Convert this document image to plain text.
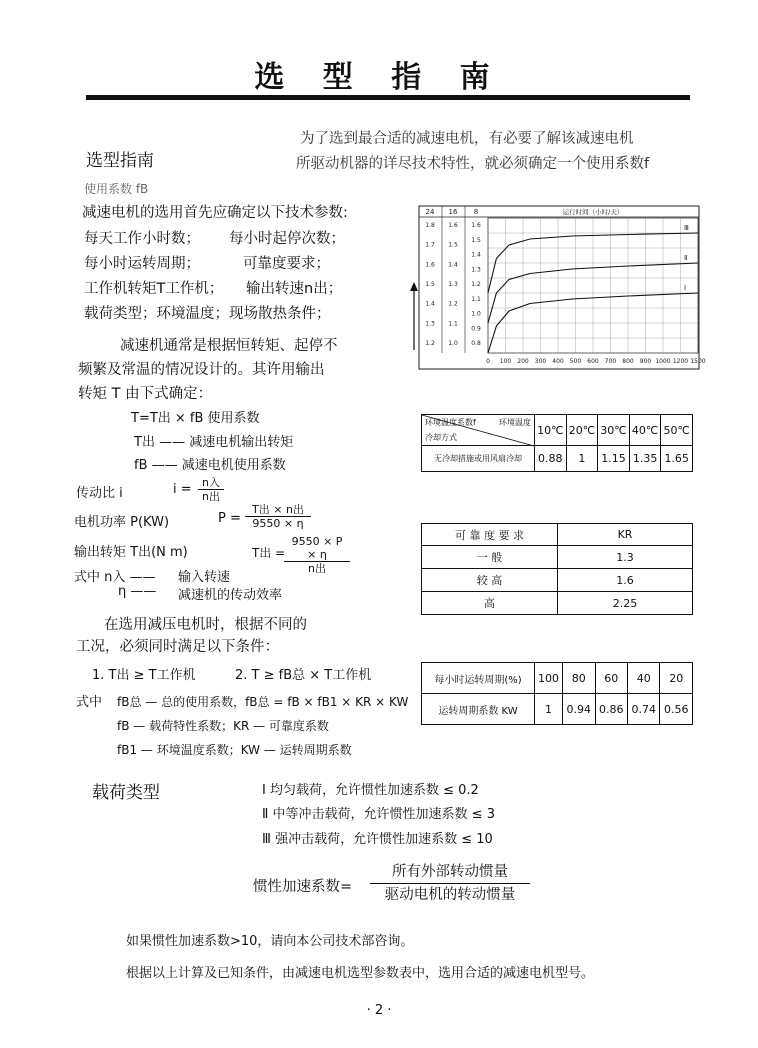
选 型 指 南
为了选到最合适的减速电机，有必要了解该减速电机
所驱动机器的详尽技术特性，就必须确定一个使用系数f
选型指南
使用系数 fB
减速电机的选用首先应确定以下技术参数:
每天工作小时数； 每小时起停次数；
每小时运转周期；	可靠度要求；
工作机转矩T工作机； 输出转速n出；
载荷类型；环境温度；现场散热条件；
减速机通常是根据恒转矩、起停不
频繁及常温的情况设计的。其许用输出
转矩 T 由下式确定：
T=T出 × fB 使用系数
T出 —— 减速电机输出转矩
fB —— 减速电机使用系数
传动比 i	i = n入
n出
电机功率 P(KW)	P =
T出 × n出
9550 × η
输出转矩 T出(N m)	T出 =
9550 × P × η
n出
式中 n入 —— 输入转速
η —— 减速机的传动效率
在选用减压电机时，根据不同的
工况，必须同时满足以下条件：
1. T出 ≥ T工作机	2. T ≥ fB总 × T工作机
式中 fB总 — 总的使用系数，fB总 = fB × fB1 × KR × KW
fB — 载荷特性系数；KR — 可靠度系数
fB1 — 环境温度系数；KW — 运转周期系数
载荷类型	Ⅰ 均匀载荷，允许惯性加速系数 ≤ 0.2
Ⅱ 中等冲击载荷，允许惯性加速系数 ≤ 3
Ⅲ 强冲击载荷，允许惯性加速系数 ≤ 10
惯性加速系数=
所有外部转动惯量
驱动电机的转动惯量
如果惯性加速系数>10，请向本公司技术部咨询。
根据以上计算及已知条件，由减速电机选型参数表中，选用合适的减速电机型号。
· 2 ·
0 100 200 300 400 500 600 700 800 900 1000 1200 1500
1.8
1.7
1.6
1.5
1.4
1.3
1.2
1.6
1.5
1.4
1.3
1.2
1.1
1.0
1.6
1.5
1.4
1.3
1.2
1.1
1.0
0.9
0.8
Ⅲ
Ⅱ
Ⅰ
24 16 8	运行时间（小时/天）
环境温度系数f 环境温度
冷却方式	10℃	20℃	30℃	40℃	50℃
无冷却措施或用风扇冷却	0.88	1	1.15	1.35	1.65
可 靠 度 要 求	KR
一 般	1.3
较 高	1.6
高	2.25
每小时运转周期(%)	100	80	60	40	20
运转周期系数 KW	1	0.94	0.86	0.74	0.56
